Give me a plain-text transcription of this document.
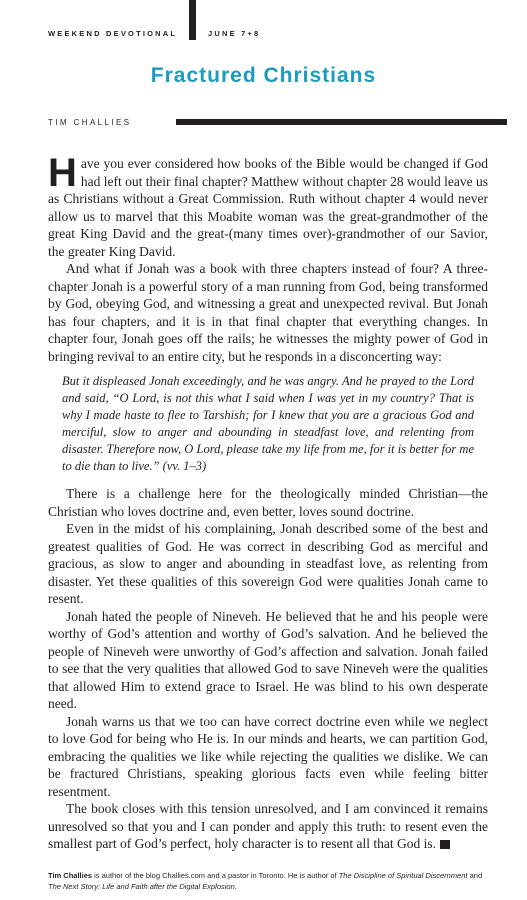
WEEKEND DEVOTIONAL	JUNE 7+8
Fractured Christians
TIM CHALLIES

Have you ever considered how books of the Bible would be changed if God had left out their final chapter? Matthew without chapter 28 would leave us as Christians without a Great Commission. Ruth without chapter 4 would never allow us to marvel that this Moabite woman was the great-grandmother of the great King David and the great-(many times over)-grandmother of our Savior, the greater King David.

And what if Jonah was a book with three chapters instead of four? A three-chapter Jonah is a powerful story of a man running from God, being transformed by God, obeying God, and witnessing a great and unexpected revival. But Jonah has four chapters, and it is in that final chapter that everything changes. In chapter four, Jonah goes off the rails; he witnesses the mighty power of God in bringing revival to an entire city, but he responds in a disconcerting way:

But it displeased Jonah exceedingly, and he was angry. And he prayed to the Lord and said, “O Lord, is not this what I said when I was yet in my country? That is why I made haste to flee to Tarshish; for I knew that you are a gracious God and merciful, slow to anger and abounding in steadfast love, and relenting from disaster. Therefore now, O Lord, please take my life from me, for it is better for me to die than to live.” (vv. 1–3)

There is a challenge here for the theologically minded Christian—the Christian who loves doctrine and, even better, loves sound doctrine.

Even in the midst of his complaining, Jonah described some of the best and greatest qualities of God. He was correct in describing God as merciful and gracious, as slow to anger and abounding in steadfast love, as relenting from disaster. Yet these qualities of this sovereign God were qualities Jonah came to resent.

Jonah hated the people of Nineveh. He believed that he and his people were worthy of God’s attention and worthy of God’s salvation. And he believed the people of Nineveh were unworthy of God’s affection and salvation. Jonah failed to see that the very qualities that allowed God to save Nineveh were the qualities that allowed Him to extend grace to Israel. He was blind to his own desperate need.

Jonah warns us that we too can have correct doctrine even while we neglect to love God for being who He is. In our minds and hearts, we can partition God, embracing the qualities we like while rejecting the qualities we dislike. We can be fractured Christians, speaking glorious facts even while feeling bitter resentment.

The book closes with this tension unresolved, and I am convinced it remains unresolved so that you and I can ponder and apply this truth: to resent even the smallest part of God’s perfect, holy character is to resent all that God is.	T

Tim Challies is author of the blog Challies.com and a pastor in Toronto. He is author of The Discipline of Spiritual Discernment and The Next Story: Life and Faith after the Digital Explosion.
